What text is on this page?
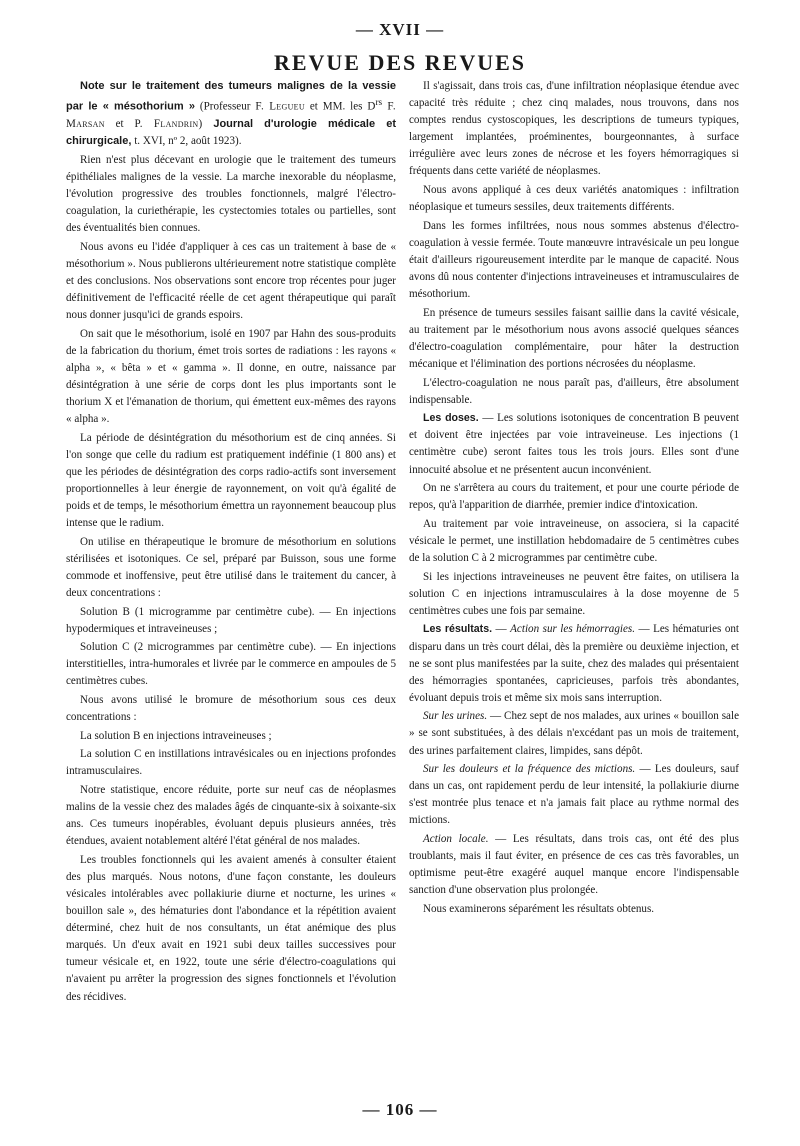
— XVII —
REVUE DES REVUES

Note sur le traitement des tumeurs malignes de la vessie par le « mésothorium » (Professeur F. Legueu et MM. les $D^{rs}$ F. Marsan et P. Flandrin) Journal d'urologie médicale et chirurgicale, t. XVI, nº 2, août 1923).

Rien n'est plus décevant en urologie que le traitement des tumeurs épithéliales malignes de la vessie. La marche inexorable du néoplasme, l'évolution progressive des troubles fonctionnels, malgré l'électro-coagulation, la curiethérapie, les cystectomies totales ou partielles, sont des éventualités bien connues.

Nous avons eu l'idée d'appliquer à ces cas un traitement à base de « mésothorium ». Nous publierons ultérieurement notre statistique complète et des conclusions. Nos observations sont encore trop récentes pour juger définitivement de l'efficacité réelle de cet agent thérapeutique qui paraît nous donner jusqu'ici de grands espoirs.

On sait que le mésothorium, isolé en 1907 par Hahn des sous-produits de la fabrication du thorium, émet trois sortes de radiations : les rayons « alpha », « bêta » et « gamma ». Il donne, en outre, naissance par désintégration à une série de corps dont les plus importants sont le thorium X et l'émanation de thorium, qui émettent eux-mêmes des rayons « alpha ».

La période de désintégration du mésothorium est de cinq années. Si l'on songe que celle du radium est pratiquement indéfinie (1 800 ans) et que les périodes de désintégration des corps radio-actifs sont inversement proportionnelles à leur énergie de rayonnement, on voit qu'à égalité de poids et de temps, le mésothorium émettra un rayonnement beaucoup plus intense que le radium.

On utilise en thérapeutique le bromure de mésothorium en solutions stérilisées et isotoniques. Ce sel, préparé par Buisson, sous une forme commode et inoffensive, peut être utilisé dans le traitement du cancer, à deux concentrations :

Solution B (1 microgramme par centimètre cube). — En injections hypodermiques et intraveineuses ;

Solution C (2 microgrammes par centimètre cube). — En injections interstitielles, intra-humorales et livrée par le commerce en ampoules de 5 centimètres cubes.

Nous avons utilisé le bromure de mésothorium sous ces deux concentrations :

La solution B en injections intraveineuses ;

La solution C en instillations intravésicales ou en injections profondes intramusculaires.

Notre statistique, encore réduite, porte sur neuf cas de néoplasmes malins de la vessie chez des malades âgés de cinquante-six à soixante-six ans. Ces tumeurs inopérables, évoluant depuis plusieurs années, très étendues, avaient notablement altéré l'état général de nos malades.

Les troubles fonctionnels qui les avaient amenés à consulter étaient des plus marqués. Nous notons, d'une façon constante, les douleurs vésicales intolérables avec pollakiurie diurne et nocturne, les urines « bouillon sale », des hématuries dont l'abondance et la répétition avaient déterminé, chez huit de nos consultants, un état anémique des plus marqués. Un d'eux avait en 1921 subi deux tailles successives pour tumeur vésicale et, en 1922, toute une série d'électro-coagulations qui n'avaient pu arrêter la progression des signes fonctionnels et l'évolution des récidives.

Il s'agissait, dans trois cas, d'une infiltration néoplasique étendue avec capacité très réduite ; chez cinq malades, nous trouvons, dans nos comptes rendus cystoscopiques, les descriptions de tumeurs typiques, largement implantées, proéminentes, bourgeonnantes, à surface irrégulière avec leurs zones de nécrose et les foyers hémorragiques si fréquents dans cette variété de néoplasmes.

Nous avons appliqué à ces deux variétés anatomiques : infiltration néoplasique et tumeurs sessiles, deux traitements différents.

Dans les formes infiltrées, nous nous sommes abstenus d'électro-coagulation à vessie fermée. Toute manœuvre intravésicale un peu longue était d'ailleurs rigoureusement interdite par le manque de capacité. Nous avons dû nous contenter d'injections intraveineuses et intramusculaires de mésothorium.

En présence de tumeurs sessiles faisant saillie dans la cavité vésicale, au traitement par le mésothorium nous avons associé quelques séances d'électro-coagulation complémentaire, pour hâter la destruction mécanique et l'élimination des portions nécrosées du néoplasme.

L'électro-coagulation ne nous paraît pas, d'ailleurs, être absolument indispensable.

Les doses. — Les solutions isotoniques de concentration B peuvent et doivent être injectées par voie intraveineuse. Les injections (1 centimètre cube) seront faites tous les trois jours. Elles sont d'une innocuité absolue et ne présentent aucun inconvénient.

On ne s'arrêtera au cours du traitement, et pour une courte période de repos, qu'à l'apparition de diarrhée, premier indice d'intoxication.

Au traitement par voie intraveineuse, on associera, si la capacité vésicale le permet, une instillation hebdomadaire de 5 centimètres cubes de la solution C à 2 microgrammes par centimètre cube.

Si les injections intraveineuses ne peuvent être faites, on utilisera la solution C en injections intramusculaires à la dose moyenne de 5 centimètres cubes une fois par semaine.

Les résultats. — Action sur les hémorragies. — Les hématuries ont disparu dans un très court délai, dès la première ou deuxième injection, et ne se sont plus manifestées par la suite, chez des malades qui présentaient des hémorragies spontanées, capricieuses, parfois très abondantes, évoluant depuis trois et même six mois sans interruption.

Sur les urines. — Chez sept de nos malades, aux urines « bouillon sale » se sont substituées, à des délais n'excédant pas un mois de traitement, des urines parfaitement claires, limpides, sans dépôt.

Sur les douleurs et la fréquence des mictions. — Les douleurs, sauf dans un cas, ont rapidement perdu de leur intensité, la pollakiurie diurne s'est montrée plus tenace et n'a jamais fait place au rythme normal des mictions.

Action locale. — Les résultats, dans trois cas, ont été des plus troublants, mais il faut éviter, en présence de ces cas très favorables, un optimisme peut-être exagéré auquel manque encore l'indispensable sanction d'une observation plus prolongée.

Nous examinerons séparément les résultats obtenus.

— 106 —
